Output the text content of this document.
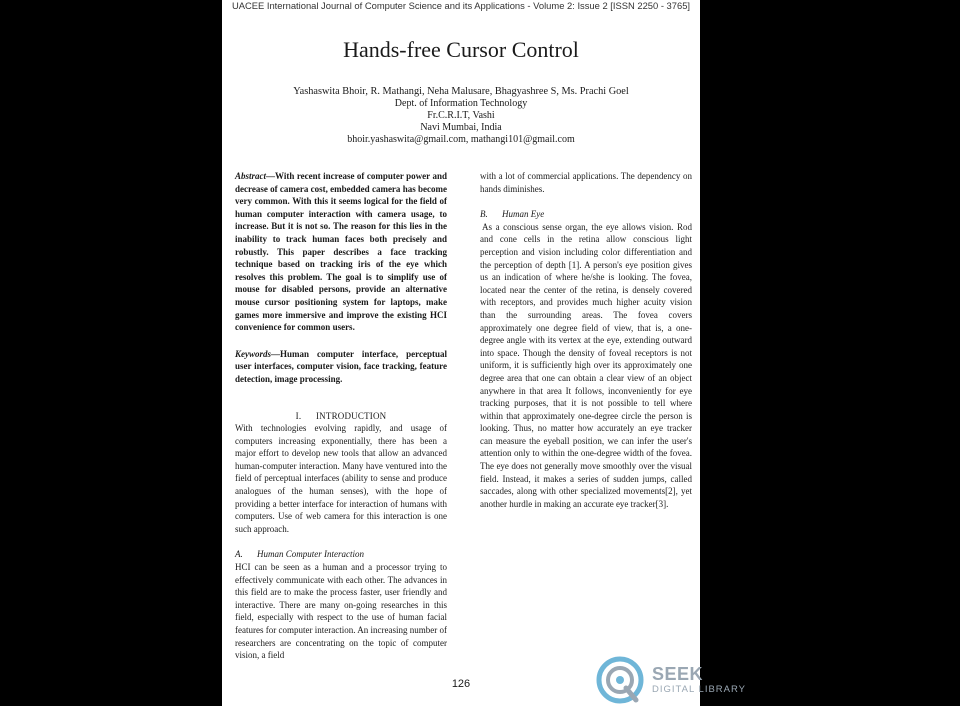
UACEE International Journal of Computer Science and its Applications - Volume 2: Issue 2 [ISSN 2250 - 3765]
Hands-free Cursor Control
Yashaswita Bhoir, R. Mathangi, Neha Malusare, Bhagyashree S, Ms. Prachi Goel
Dept. of Information Technology
Fr.C.R.I.T, Vashi
Navi Mumbai, India
bhoir.yashaswita@gmail.com, mathangi101@gmail.com

Abstract—With recent increase of computer power and decrease of camera cost, embedded camera has become very common. With this it seems logical for the field of human computer interaction with camera usage, to increase. But it is not so. The reason for this lies in the inability to track human faces both precisely and robustly. This paper describes a face tracking technique based on tracking iris of the eye which resolves this problem. The goal is to simplify use of mouse for disabled persons, provide an alternative mouse cursor positioning system for laptops, make games more immersive and improve the existing HCI convenience for common users.

Keywords—Human computer interface, perceptual user interfaces, computer vision, face tracking, feature detection, image processing.

I.      INTRODUCTION

With technologies evolving rapidly, and usage of computers increasing exponentially, there has been a major effort to develop new tools that allow an advanced human-computer interaction. Many have ventured into the field of perceptual interfaces (ability to sense and produce analogues of the human senses), with the hope of providing a better interface for interaction of humans with computers. Use of web camera for this interaction is one such approach.

A. Human Computer Interaction

HCI can be seen as a human and a processor trying to effectively communicate with each other. The advances in this field are to make the process faster, user friendly and interactive. There are many on-going researches in this field, especially with respect to the use of human facial features for computer interaction. An increasing number of researchers are concentrating on the topic of computer vision, a field

with a lot of commercial applications. The dependency on hands diminishes.

B. Human Eye

As a conscious sense organ, the eye allows vision. Rod and cone cells in the retina allow conscious light perception and vision including color differentiation and the perception of depth [1]. A person's eye position gives us an indication of where he/she is looking. The fovea, located near the center of the retina, is densely covered with receptors, and provides much higher acuity vision than the surrounding areas. The fovea covers approximately one degree field of view, that is, a one-degree angle with its vertex at the eye, extending outward into space. Though the density of foveal receptors is not uniform, it is sufficiently high over its approximately one degree area that one can obtain a clear view of an object anywhere in that area It follows, inconveniently for eye tracking purposes, that it is not possible to tell where within that approximately one-degree circle the person is looking. Thus, no matter how accurately an eye tracker can measure the eyeball position, we can infer the user's attention only to within the one-degree width of the fovea. The eye does not generally move smoothly over the visual field. Instead, it makes a series of sudden jumps, called saccades, along with other specialized movements[2], yet another hurdle in making an accurate eye tracker[3].

126	SEEK
DIGITAL LIBRARY
